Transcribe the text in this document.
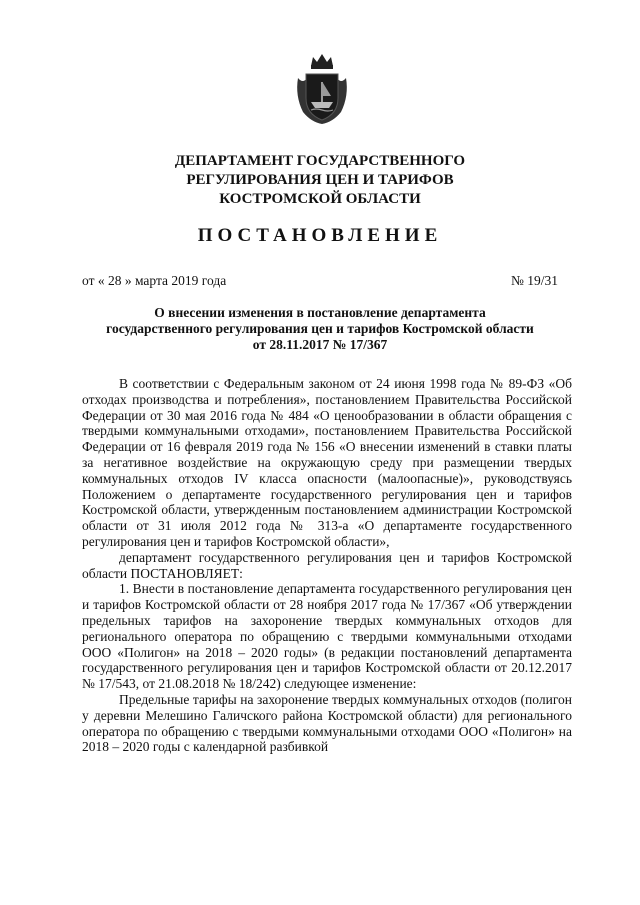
ДЕПАРТАМЕНТ ГОСУДАРСТВЕННОГО
РЕГУЛИРОВАНИЯ ЦЕН И ТАРИФОВ
КОСТРОМСКОЙ ОБЛАСТИ
ПОСТАНОВЛЕНИЕ
от « 28 » марта 2019 года	№ 19/31
О внесении изменения в постановление департамента
государственного регулирования цен и тарифов Костромской области
от 28.11.2017 № 17/367

В соответствии с Федеральным законом от 24 июня 1998 года № 89-ФЗ «Об отходах производства и потребления», постановлением Правительства Российской Федерации от 30 мая 2016 года № 484 «О ценообразовании в области обращения с твердыми коммунальными отходами», постановлением Правительства Российской Федерации от 16 февраля 2019 года № 156 «О внесении изменений в ставки платы за негативное воздействие на окружающую среду при размещении твердых коммунальных отходов IV класса опасности (малоопасные)», руководствуясь Положением о департаменте государственного регулирования цен и тарифов Костромской области, утвержденным постановлением администрации Костромской области от 31 июля 2012 года № 313-а «О департаменте государственного регулирования цен и тарифов Костромской области»,

департамент государственного регулирования цен и тарифов Костромской области ПОСТАНОВЛЯЕТ:

1. Внести в постановление департамента государственного регулирования цен и тарифов Костромской области от 28 ноября 2017 года № 17/367 «Об утверждении предельных тарифов на захоронение твердых коммунальных отходов для регионального оператора по обращению с твердыми коммунальными отходами ООО «Полигон» на 2018 – 2020 годы» (в редакции постановлений департамента государственного регулирования цен и тарифов Костромской области от 20.12.2017 № 17/543, от 21.08.2018 № 18/242) следующее изменение:

Предельные тарифы на захоронение твердых коммунальных отходов (полигон у деревни Мелешино Галичского района Костромской области) для регионального оператора по обращению с твердыми коммунальными отходами ООО «Полигон» на 2018 – 2020 годы с календарной разбивкой
